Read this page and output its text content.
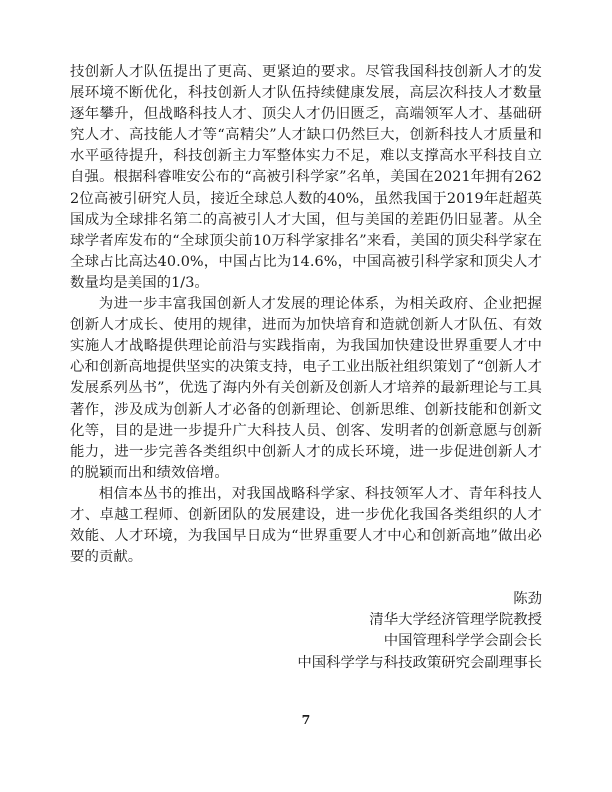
技创新人才队伍提出了更高、更紧迫的要求。尽管我国科技创新人才的发展环境不断优化，科技创新人才队伍持续健康发展，高层次科技人才数量逐年攀升，但战略科技人才、顶尖人才仍旧匮乏，高端领军人才、基础研究人才、高技能人才等“高精尖”人才缺口仍然巨大，创新科技人才质量和水平亟待提升，科技创新主力军整体实力不足，难以支撑高水平科技自立自强。根据科睿唯安公布的“高被引科学家”名单，美国在2021年拥有2622位高被引研究人员，接近全球总人数的40%，虽然我国于2019年赶超英国成为全球排名第二的高被引人才大国，但与美国的差距仍旧显著。从全球学者库发布的“全球顶尖前10万科学家排名”来看，美国的顶尖科学家在全球占比高达40.0%，中国占比为14.6%，中国高被引科学家和顶尖人才数量均是美国的1/3。

为进一步丰富我国创新人才发展的理论体系，为相关政府、企业把握创新人才成长、使用的规律，进而为加快培育和造就创新人才队伍、有效实施人才战略提供理论前沿与实践指南，为我国加快建设世界重要人才中心和创新高地提供坚实的决策支持，电子工业出版社组织策划了“创新人才发展系列丛书”，优选了海内外有关创新及创新人才培养的最新理论与工具著作，涉及成为创新人才必备的创新理论、创新思维、创新技能和创新文化等，目的是进一步提升广大科技人员、创客、发明者的创新意愿与创新能力，进一步完善各类组织中创新人才的成长环境，进一步促进创新人才的脱颖而出和绩效倍增。

相信本丛书的推出，对我国战略科学家、科技领军人才、青年科技人才、卓越工程师、创新团队的发展建设，进一步优化我国各类组织的人才效能、人才环境，为我国早日成为“世界重要人才中心和创新高地”做出必要的贡献。

陈劲
清华大学经济管理学院教授
中国管理科学学会副会长
中国科学学与科技政策研究会副理事长
7
